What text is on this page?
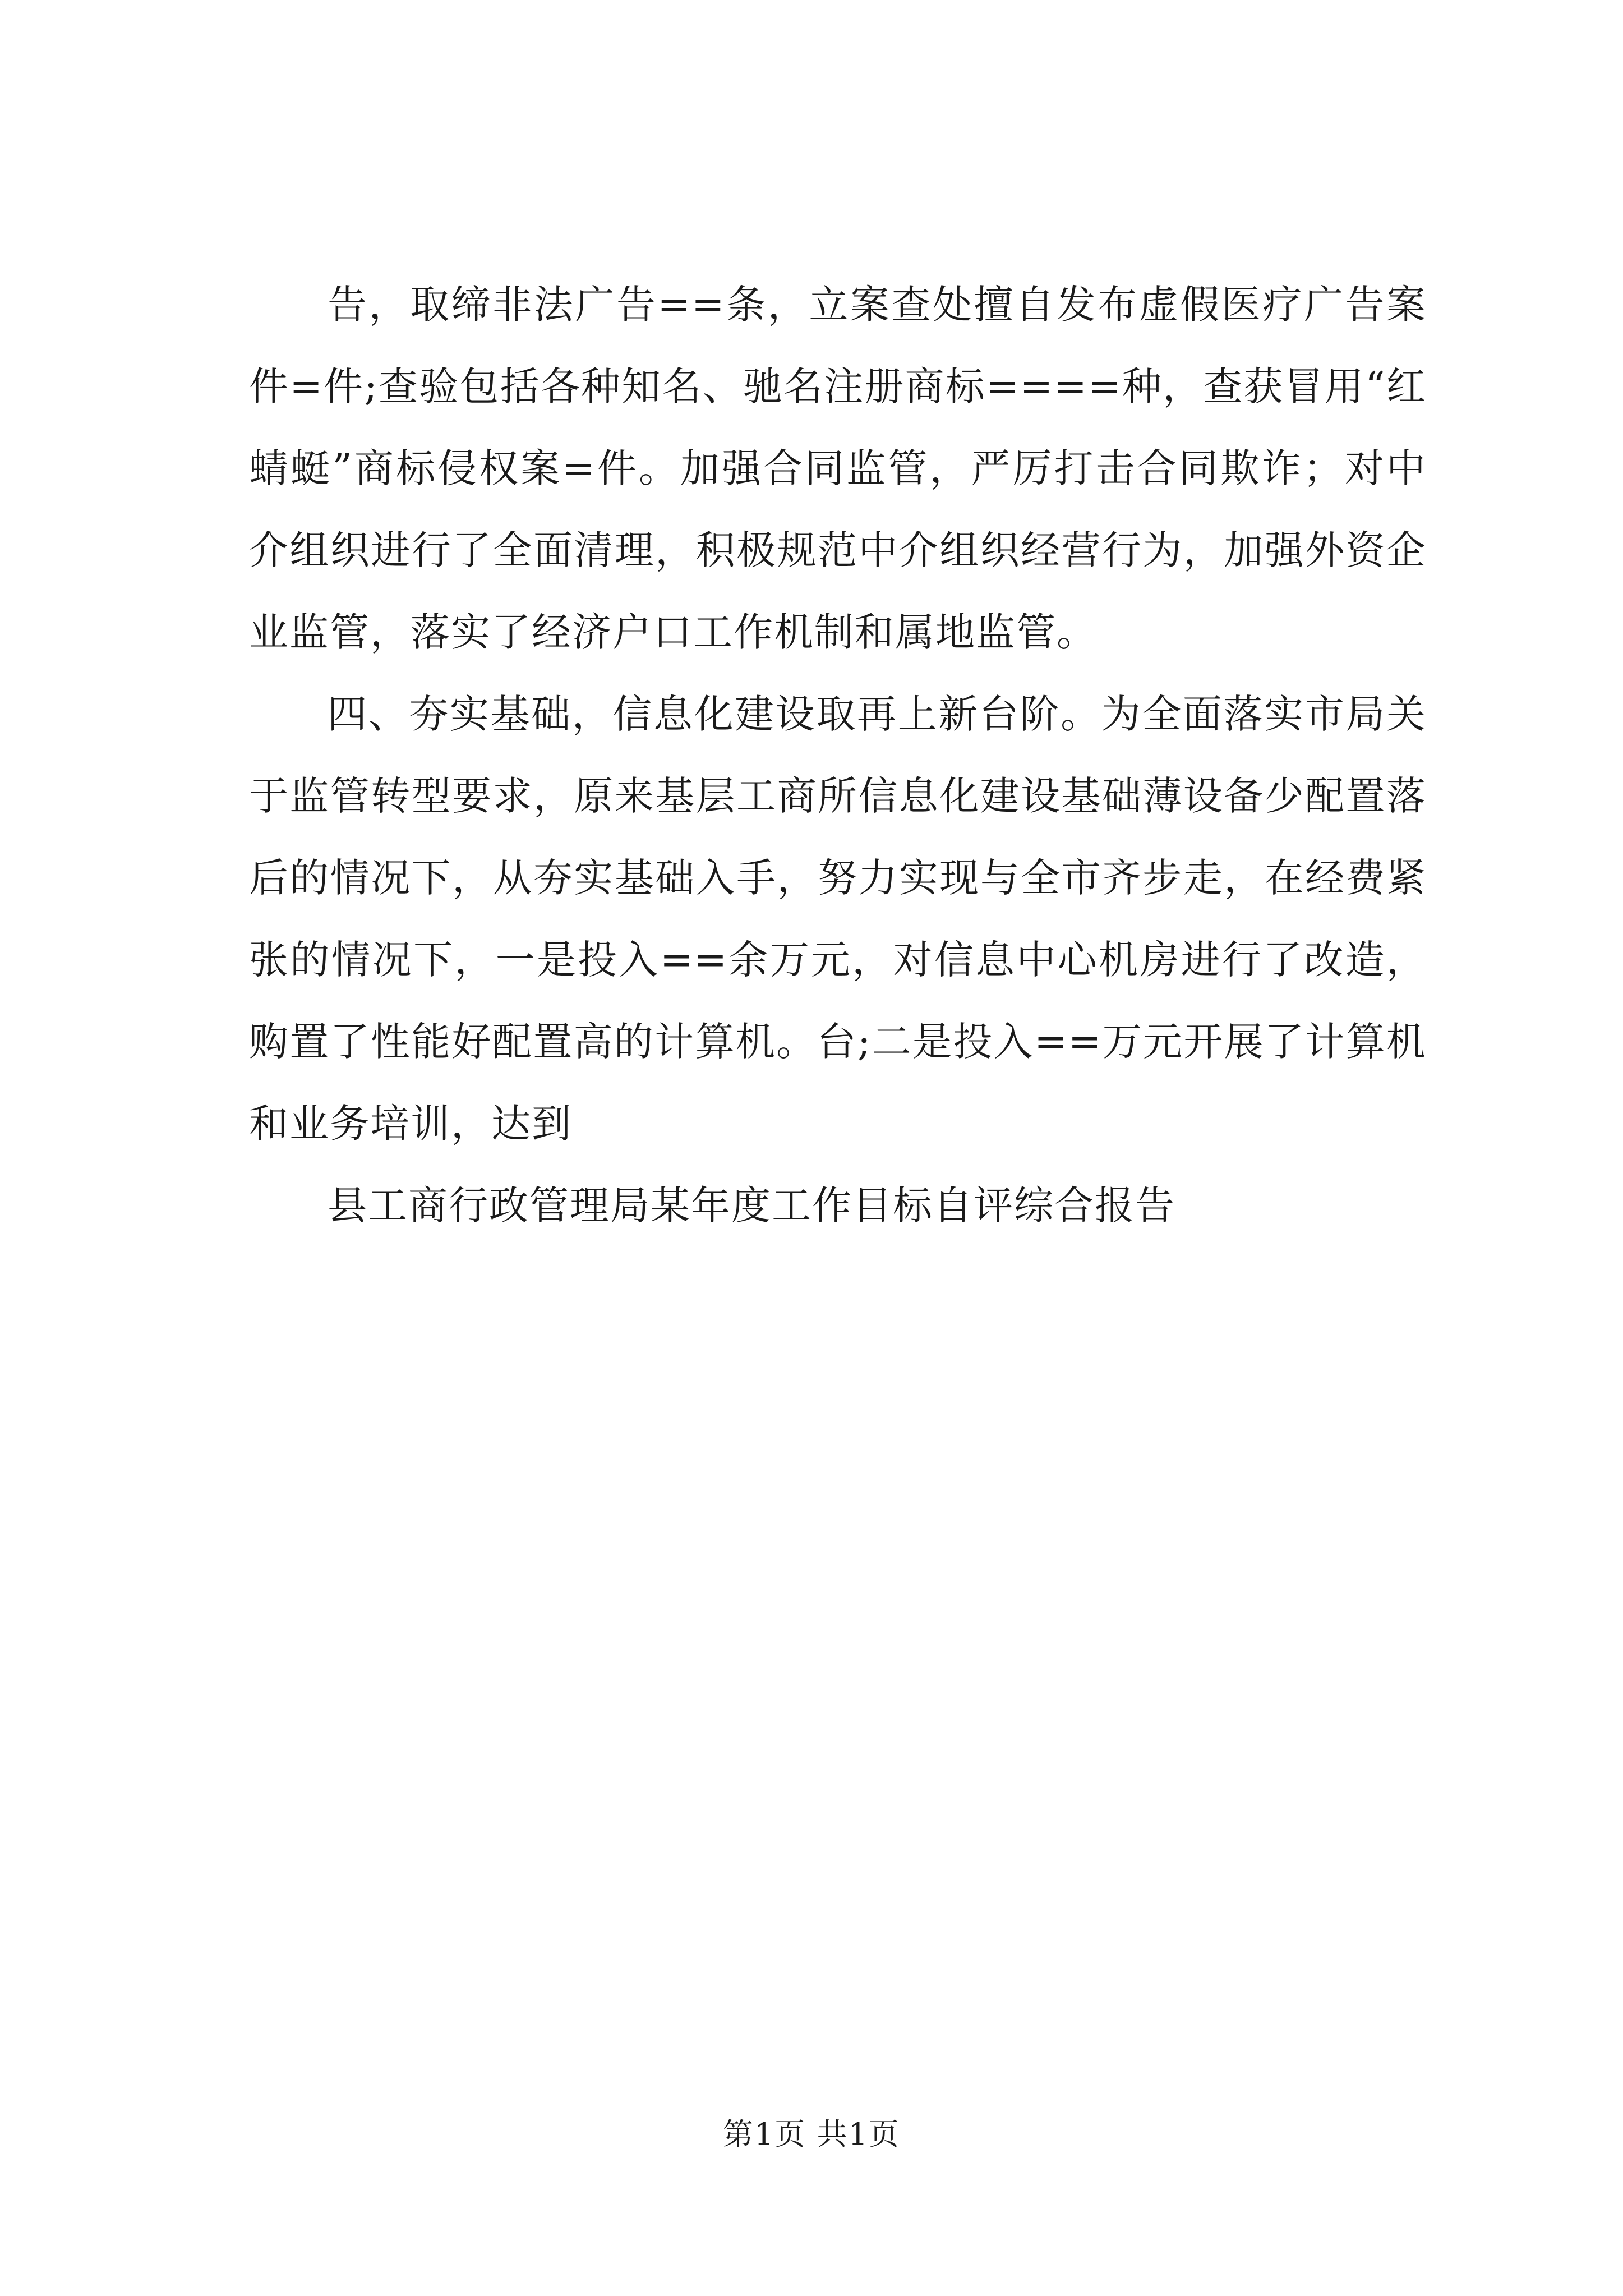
告，取缔非法广告==条，立案查处擅自发布虚假医疗广告案件=件;查验包括各种知名、驰名注册商标====种，查获冒用“红蜻蜓”商标侵权案=件。加强合同监管，严厉打击合同欺诈；对中介组织进行了全面清理，积极规范中介组织经营行为，加强外资企业监管，落实了经济户口工作机制和属地监管。

四、夯实基础，信息化建设取再上新台阶。为全面落实市局关于监管转型要求，原来基层工商所信息化建设基础薄设备少配置落后的情况下，从夯实基础入手，努力实现与全市齐步走，在经费紧张的情况下，一是投入==余万元，对信息中心机房进行了改造，购置了性能好配置高的计算机。台;二是投入==万元开展了计算机和业务培训，达到

县工商行政管理局某年度工作目标自评综合报告

第1页 共1页
